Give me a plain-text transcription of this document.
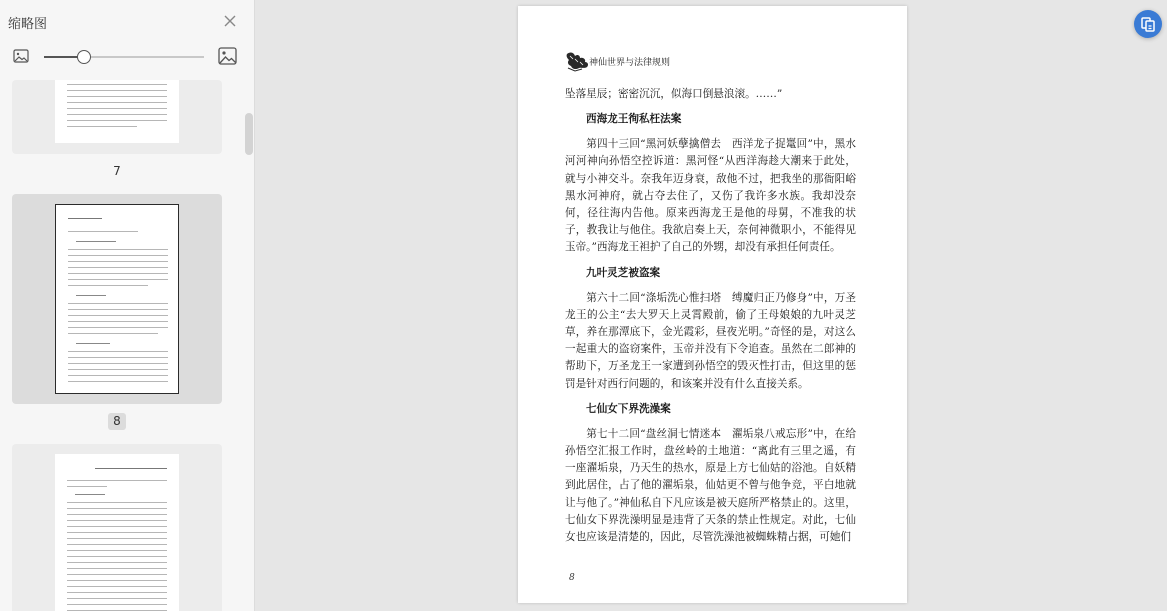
缩略图
7
8
神仙世界与法律规则

坠落星辰；密密沉沉，似海口倒悬浪滚。……”

西海龙王徇私枉法案

第四十三回“黑河妖孽擒僧去　西洋龙子捉鼍回”中，黑水河河神向孙悟空控诉道：黑河怪“从西洋海趁大潮来于此处，就与小神交斗。奈我年迈身衰，敌他不过，把我坐的那衙阳峪黑水河神府，就占夺去住了，又伤了我许多水族。我却没奈何，径往海内告他。原来西海龙王是他的母舅，不准我的状子，教我让与他住。我欲启奏上天，奈何神微职小，不能得见玉帝。”西海龙王袒护了自己的外甥，却没有承担任何责任。

九叶灵芝被盗案

第六十二回“涤垢洗心惟扫塔　缚魔归正乃修身”中，万圣龙王的公主“去大罗天上灵霄殿前，偷了王母娘娘的九叶灵芝草，养在那潭底下，金光霞彩，昼夜光明。”奇怪的是，对这么一起重大的盗窃案件，玉帝并没有下令追查。虽然在二郎神的帮助下，万圣龙王一家遭到孙悟空的毁灭性打击，但这里的惩罚是针对西行问题的，和该案并没有什么直接关系。

七仙女下界洗澡案

第七十二回“盘丝洞七情迷本　濯垢泉八戒忘形”中，在给孙悟空汇报工作时，盘丝岭的土地道：“离此有三里之遥，有一座濯垢泉，乃天生的热水，原是上方七仙姑的浴池。自妖精到此居住，占了他的濯垢泉，仙姑更不曾与他争竞，平白地就让与他了。”神仙私自下凡应该是被天庭所严格禁止的。这里，七仙女下界洗澡明显是违背了天条的禁止性规定。对此，七仙女也应该是清楚的，因此，尽管洗澡池被蜘蛛精占据，可她们

8
